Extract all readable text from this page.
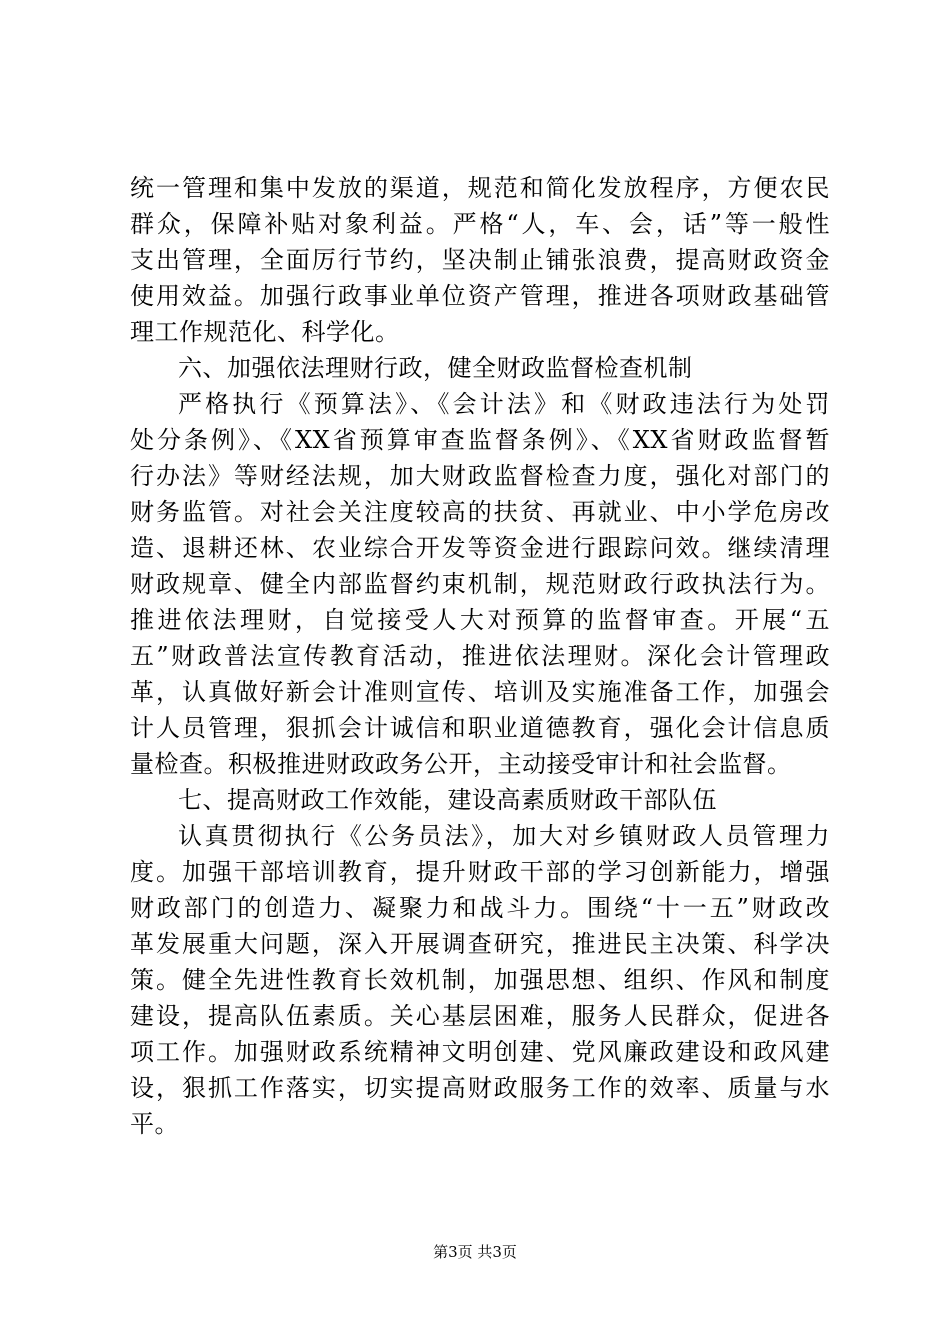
统一管理和集中发放的渠道，规范和简化发放程序，方便农民
群众，保障补贴对象利益。严格“人，车、会，话”等一般性
支出管理，全面厉行节约，坚决制止铺张浪费，提高财政资金
使用效益。加强行政事业单位资产管理，推进各项财政基础管
理工作规范化、科学化。
六、加强依法理财行政，健全财政监督检查机制
严格执行《预算法》、《会计法》和《财政违法行为处罚
处分条例》、《XX省预算审查监督条例》、《XX省财政监督暂
行办法》等财经法规，加大财政监督检查力度，强化对部门的
财务监管。对社会关注度较高的扶贫、再就业、中小学危房改
造、退耕还林、农业综合开发等资金进行跟踪问效。继续清理
财政规章、健全内部监督约束机制，规范财政行政执法行为。
推进依法理财，自觉接受人大对预算的监督审查。开展“五
五”财政普法宣传教育活动，推进依法理财。深化会计管理政
革，认真做好新会计准则宣传、培训及实施准备工作，加强会
计人员管理，狠抓会计诚信和职业道德教育，强化会计信息质
量检查。积极推进财政政务公开，主动接受审计和社会监督。
七、提高财政工作效能，建设高素质财政干部队伍
认真贯彻执行《公务员法》，加大对乡镇财政人员管理力
度。加强干部培训教育，提升财政干部的学习创新能力，增强
财政部门的创造力、凝聚力和战斗力。围绕“十一五”财政改
革发展重大问题，深入开展调查研究，推进民主决策、科学决
策。健全先进性教育长效机制，加强思想、组织、作风和制度
建设，提高队伍素质。关心基层困难，服务人民群众，促进各
项工作。加强财政系统精神文明创建、党风廉政建设和政风建
设，狠抓工作落实，切实提高财政服务工作的效率、质量与水
平。
第3页 共3页
